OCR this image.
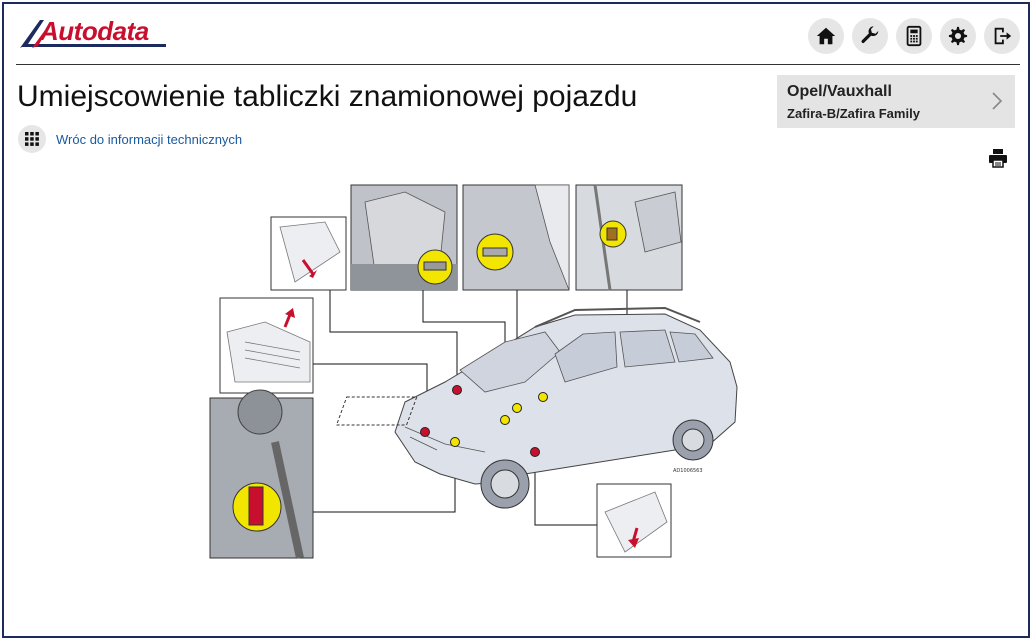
Autodata
Umiejscowienie tabliczki znamionowej pojazdu
Wróc do informacji technicznych
Opel/Vauxhall
Zafira-B/Zafira Family
AD1006563
